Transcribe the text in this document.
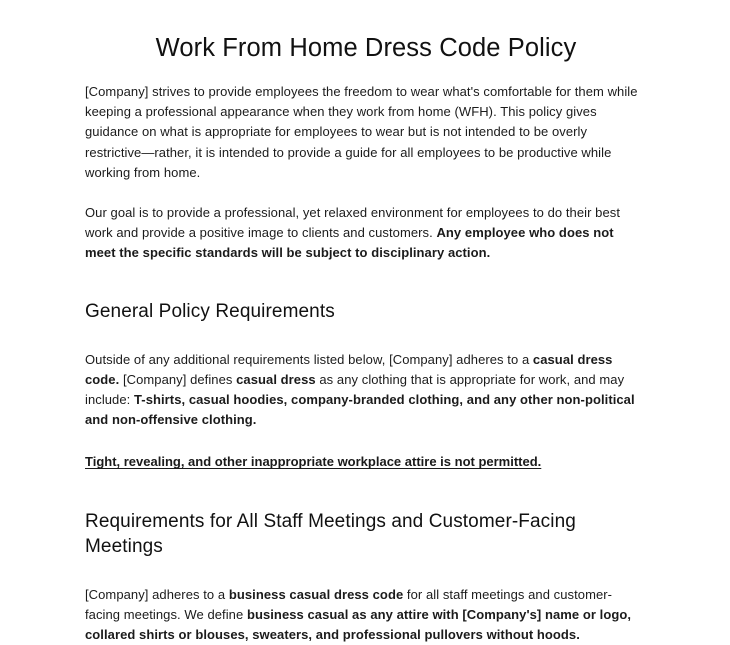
Work From Home Dress Code Policy

[Company] strives to provide employees the freedom to wear what's comfortable for them while keeping a professional appearance when they work from home (WFH). This policy gives guidance on what is appropriate for employees to wear but is not intended to be overly restrictive—rather, it is intended to provide a guide for all employees to be productive while working from home.

Our goal is to provide a professional, yet relaxed environment for employees to do their best work and provide a positive image to clients and customers. Any employee who does not meet the specific standards will be subject to disciplinary action.

General Policy Requirements

Outside of any additional requirements listed below, [Company] adheres to a casual dress code. [Company] defines casual dress as any clothing that is appropriate for work, and may include: T-shirts, casual hoodies, company-branded clothing, and any other non-political and non-offensive clothing.

Tight, revealing, and other inappropriate workplace attire is not permitted.

Requirements for All Staff Meetings and Customer-Facing Meetings

[Company] adheres to a business casual dress code for all staff meetings and customer-facing meetings. We define business casual as any attire with [Company's] name or logo, collared shirts or blouses, sweaters, and professional pullovers without hoods.
